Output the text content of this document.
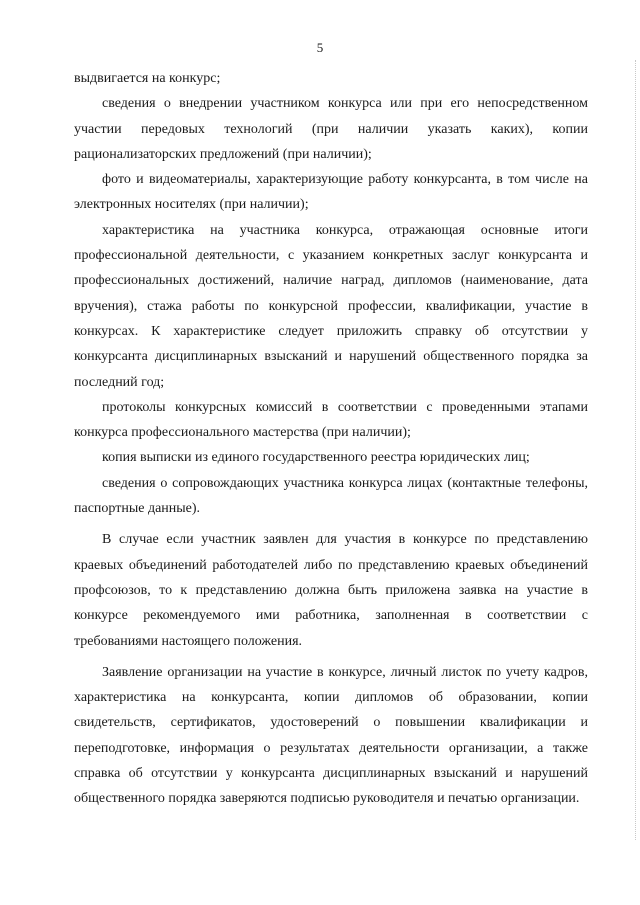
5

выдвигается на конкурс;

сведения о внедрении участником конкурса или при его непосредственном участии передовых технологий (при наличии указать каких), копии рационализаторских предложений (при наличии);

фото и видеоматериалы, характеризующие работу конкурсанта, в том числе на электронных носителях (при наличии);

характеристика на участника конкурса, отражающая основные итоги профессиональной деятельности, с указанием конкретных заслуг конкурсанта и профессиональных достижений, наличие наград, дипломов (наименование, дата вручения), стажа работы по конкурсной профессии, квалификации, участие в конкурсах. К характеристике следует приложить справку об отсутствии у конкурсанта дисциплинарных взысканий и нарушений общественного порядка за последний год;

протоколы конкурсных комиссий в соответствии с проведенными этапами конкурса профессионального мастерства (при наличии);

копия выписки из единого государственного реестра юридических лиц;

сведения о сопровождающих участника конкурса лицах (контактные телефоны, паспортные данные).

В случае если участник заявлен для участия в конкурсе по представлению краевых объединений работодателей либо по представлению краевых объединений профсоюзов, то к представлению должна быть приложена заявка на участие в конкурсе рекомендуемого ими работника, заполненная в соответствии с требованиями настоящего положения.

Заявление организации на участие в конкурсе, личный листок по учету кадров, характеристика на конкурсанта, копии дипломов об образовании, копии свидетельств, сертификатов, удостоверений о повышении квалификации и переподготовке, информация о результатах деятельности организации, а также справка об отсутствии у конкурсанта дисциплинарных взысканий и нарушений общественного порядка заверяются подписью руководителя и печатью организации.
